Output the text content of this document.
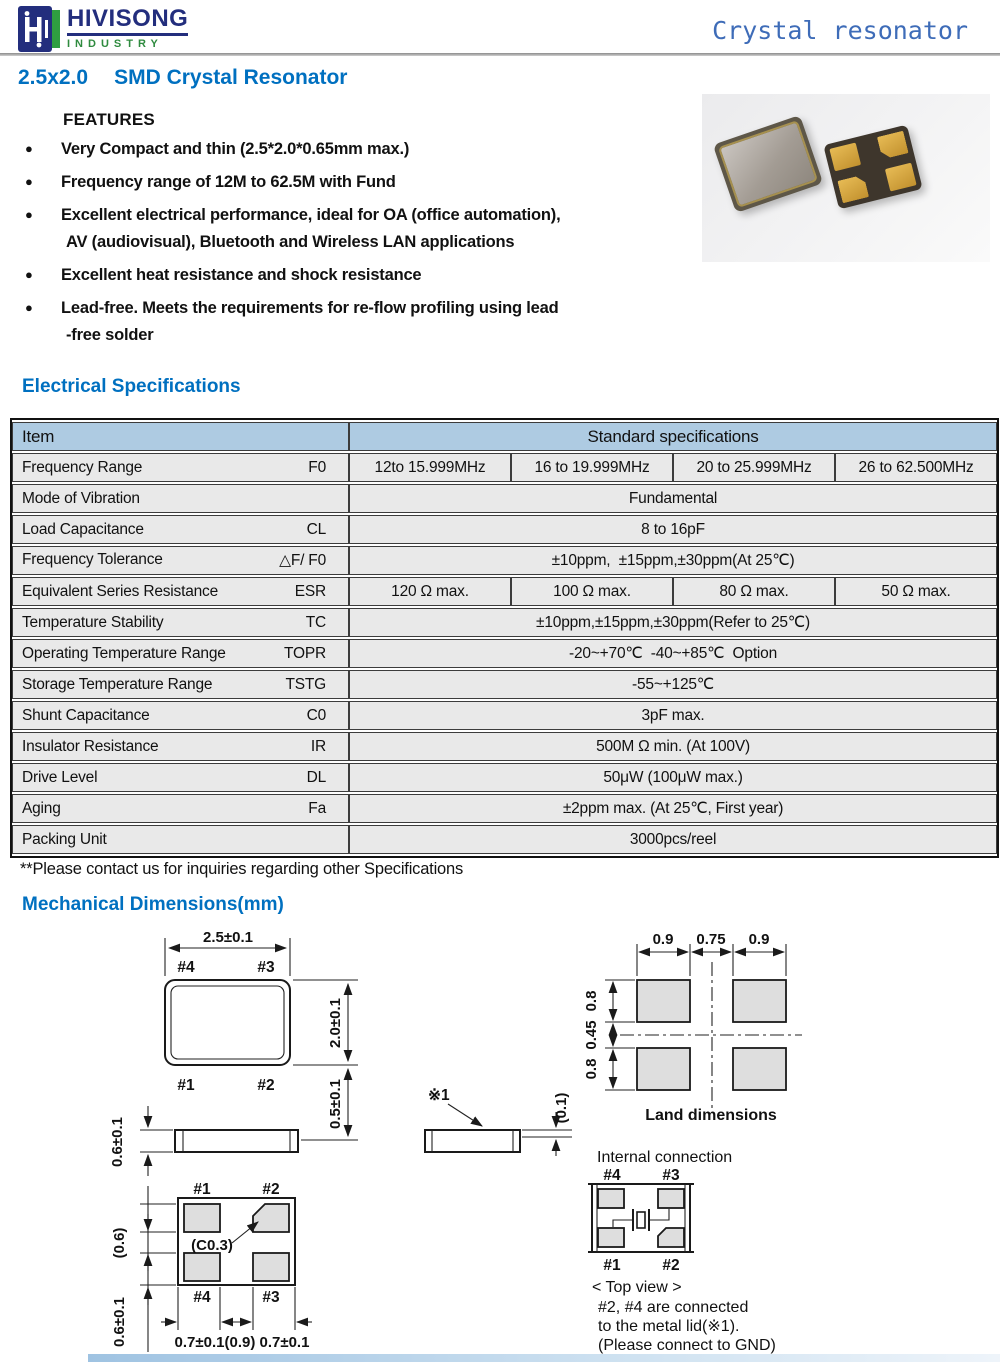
HIVISONG
INDUSTRY	Crystal resonator
2.5x2.0 SMD Crystal Resonator
FEATURES
●	Very Compact and thin (2.5*2.0*0.65mm max.)
●	Frequency range of 12M to 62.5M with Fund
●	Excellent electrical performance, ideal for OA (office automation),
AV (audiovisual), Bluetooth and Wireless LAN applications
●	Excellent heat resistance and shock resistance
●	Lead-free. Meets the requirements for re-flow profiling using lead
-free solder
Electrical Specifications
Item	Standard specifications			
Frequency Range F0	12to 15.999MHz	16 to 19.999MHz	20 to 25.999MHz	26 to 62.500MHz
Mode of Vibration	Fundamental			
Load Capacitance CL	8 to 16pF			
Frequency Tolerance △F/ F0	±10ppm,  ±15ppm,±30ppm(At 25℃)			
Equivalent Series Resistance ESR	120 Ω max.	100 Ω max.	80 Ω max.	50 Ω max.
Temperature Stability TC	±10ppm,±15ppm,±30ppm(Refer to 25℃)			
Operating Temperature Range TOPR	-20~+70℃  -40~+85℃  Option			
Storage Temperature Range TSTG	-55~+125℃			
Shunt Capacitance C0	3pF max.			
Insulator Resistance IR	500M Ω min. (At 100V)			
Drive Level DL	50μW (100μW max.)			
Aging Fa	±2ppm max. (At 25℃, First year)			
Packing Unit	3000pcs/reel			
**Please contact us for inquiries regarding other Specifications
Mechanical Dimensions(mm)
2.5±0.1
#4	#3
#1	#2
2.0±0.1
0.5±0.1
0.6±0.1
※1	(0.1)
#1	#2
(C0.3)
#4	#3
(0.6)
0.6±0.1	0.7±0.1(0.9) 0.7±0.1
0.9 0.75 0.9
0.8
0.45
0.8
Land dimensions
Internal connection
#4	#3
#1	#2
< Top view >
#2, #4 are connected
to the metal lid(※1).
(Please connect to GND)
